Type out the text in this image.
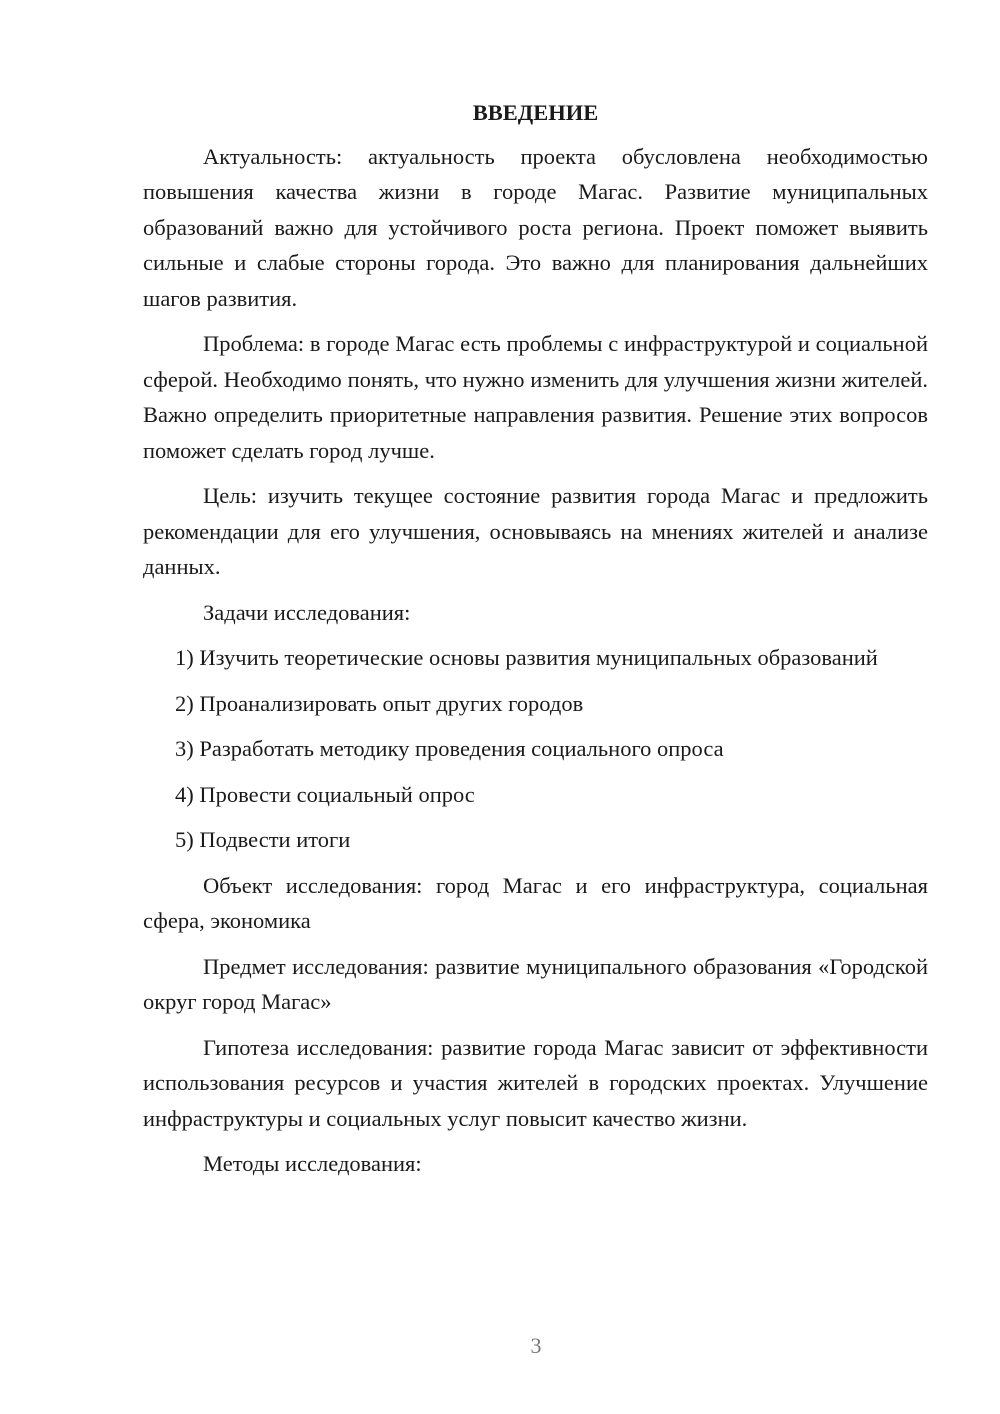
ВВЕДЕНИЕ

Актуальность: актуальность проекта обусловлена необходимостью повышения качества жизни в городе Магас. Развитие муниципальных образований важно для устойчивого роста региона. Проект поможет выявить сильные и слабые стороны города. Это важно для планирования дальнейших шагов развития.

Проблема: в городе Магас есть проблемы с инфраструктурой и социальной сферой. Необходимо понять, что нужно изменить для улучшения жизни жителей. Важно определить приоритетные направления развития. Решение этих вопросов поможет сделать город лучше.

Цель: изучить текущее состояние развития города Магас и предложить рекомендации для его улучшения, основываясь на мнениях жителей и анализе данных.

Задачи исследования:

1) Изучить теоретические основы развития муниципальных образований

2) Проанализировать опыт других городов

3) Разработать методику проведения социального опроса

4) Провести социальный опрос

5) Подвести итоги

Объект исследования: город Магас и его инфраструктура, социальная сфера, экономика

Предмет исследования: развитие муниципального образования «Городской округ город Магас»

Гипотеза исследования: развитие города Магас зависит от эффективности использования ресурсов и участия жителей в городских проектах. Улучшение инфраструктуры и социальных услуг повысит качество жизни.

Методы исследования:

3
